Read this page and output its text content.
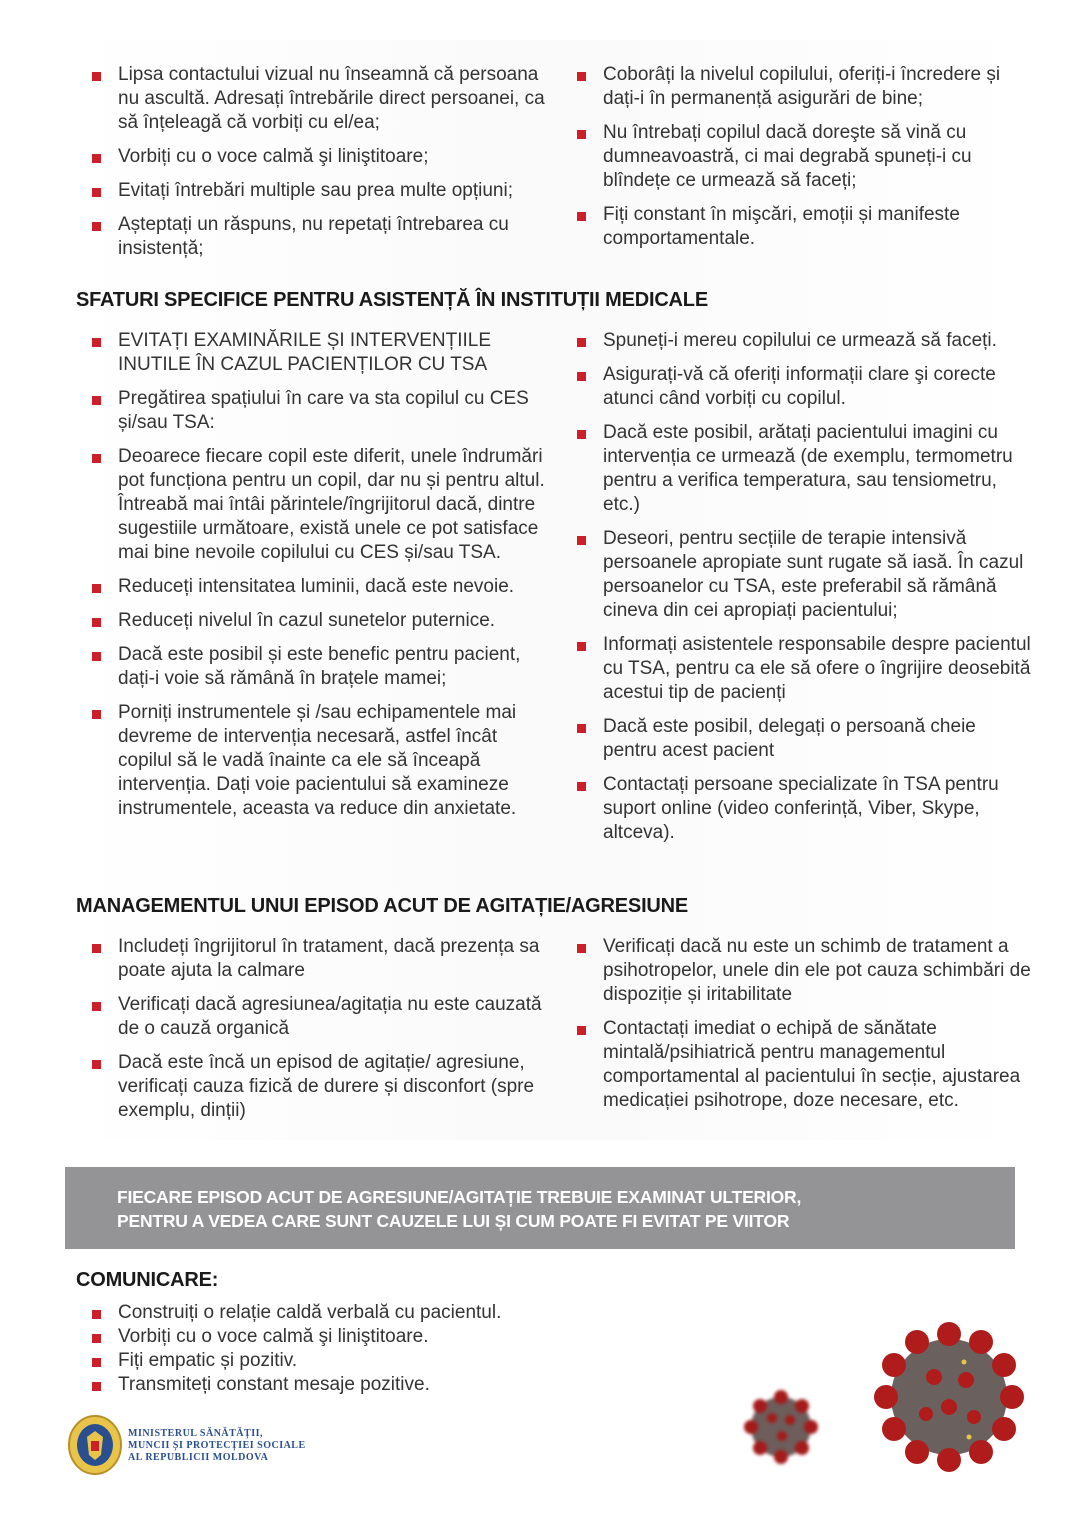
Lipsa contactului vizual nu înseamnă că persoana nu ascultă. Adresați întrebările direct persoanei, ca să înțeleagă că vorbiți cu el/ea;
Vorbiți cu o voce calmă şi liniştitoare;
Evitați întrebări multiple sau prea multe opțiuni;
Așteptați un răspuns, nu repetați întrebarea cu insistență;
Coborâți la nivelul copilului, oferiți-i încredere și dați-i în permanență asigurări de bine;
Nu întrebați copilul dacă doreşte să vină cu dumneavoastră, ci mai degrabă spuneți-i cu blîndețe ce urmează să faceți;
Fiți constant în mişcări, emoții și manifeste comportamentale.
SFATURI SPECIFICE PENTRU ASISTENȚĂ ÎN INSTITUȚII MEDICALE
EVITAȚI EXAMINĂRILE ȘI INTERVENȚIILE INUTILE ÎN CAZUL PACIENȚILOR CU TSA
Pregătirea spațiului în care va sta copilul cu CES și/sau TSA:
Deoarece fiecare copil este diferit, unele îndrumări pot funcționa pentru un copil, dar nu și pentru altul. Întreabă mai întâi părintele/îngrijitorul dacă, dintre sugestiile următoare, există unele ce pot satisface mai bine nevoile copilului cu CES și/sau TSA.
Reduceți intensitatea luminii, dacă este nevoie.
Reduceți nivelul în cazul sunetelor puternice.
Dacă este posibil și este benefic pentru pacient, dați-i voie să rămână în brațele mamei;
Porniți instrumentele și /sau echipamentele mai devreme de intervenția necesară, astfel încât copilul să le vadă înainte ca ele să înceapă intervenția. Dați voie pacientului să examineze instrumentele, aceasta va reduce din anxietate.
Spuneți-i mereu copilului ce urmează să faceți.
Asigurați-vă că oferiți informații clare şi corecte atunci când vorbiți cu copilul.
Dacă este posibil, arătați pacientului imagini cu intervenția ce urmează (de exemplu, termometru pentru a verifica temperatura, sau tensiometru, etc.)
Deseori, pentru secțiile de terapie intensivă persoanele apropiate sunt rugate să iasă. În cazul persoanelor cu TSA, este preferabil să rămână cineva din cei apropiați pacientului;
Informați asistentele responsabile despre pacientul cu TSA, pentru ca ele să ofere o îngrijire deosebită acestui tip de pacienți
Dacă este posibil, delegați o persoană cheie pentru acest pacient
Contactați persoane specializate în TSA pentru suport online (video conferință, Viber, Skype, altceva).
MANAGEMENTUL UNUI EPISOD ACUT DE AGITAȚIE/AGRESIUNE
Includeți îngrijitorul în tratament, dacă prezența sa poate ajuta la calmare
Verificați dacă agresiunea/agitația nu este cauzată de o cauză organică
Dacă este încă un episod de agitație/ agresiune, verificați cauza fizică de durere și disconfort (spre exemplu, dinții)
Verificați dacă nu este un schimb de tratament a psihotropelor, unele din ele pot cauza schimbări de dispoziție și iritabilitate
Contactați imediat o echipă de sănătate mintală/psihiatrică pentru managementul comportamental al pacientului în secție, ajustarea medicației psihotrope, doze necesare, etc.
FIECARE EPISOD ACUT DE AGRESIUNE/AGITAȚIE TREBUIE EXAMINAT ULTERIOR,
PENTRU A VEDEA CARE SUNT CAUZELE LUI ȘI CUM POATE FI EVITAT PE VIITOR
COMUNICARE:
Construiți o relație caldă verbală cu pacientul.
Vorbiți cu o voce calmă şi liniştitoare.
Fiți empatic și pozitiv.
Transmiteți constant mesaje pozitive.
MINISTERUL SĂNĂTĂȚII,
MUNCII ȘI PROTECȚIEI SOCIALE
AL REPUBLICII MOLDOVA
